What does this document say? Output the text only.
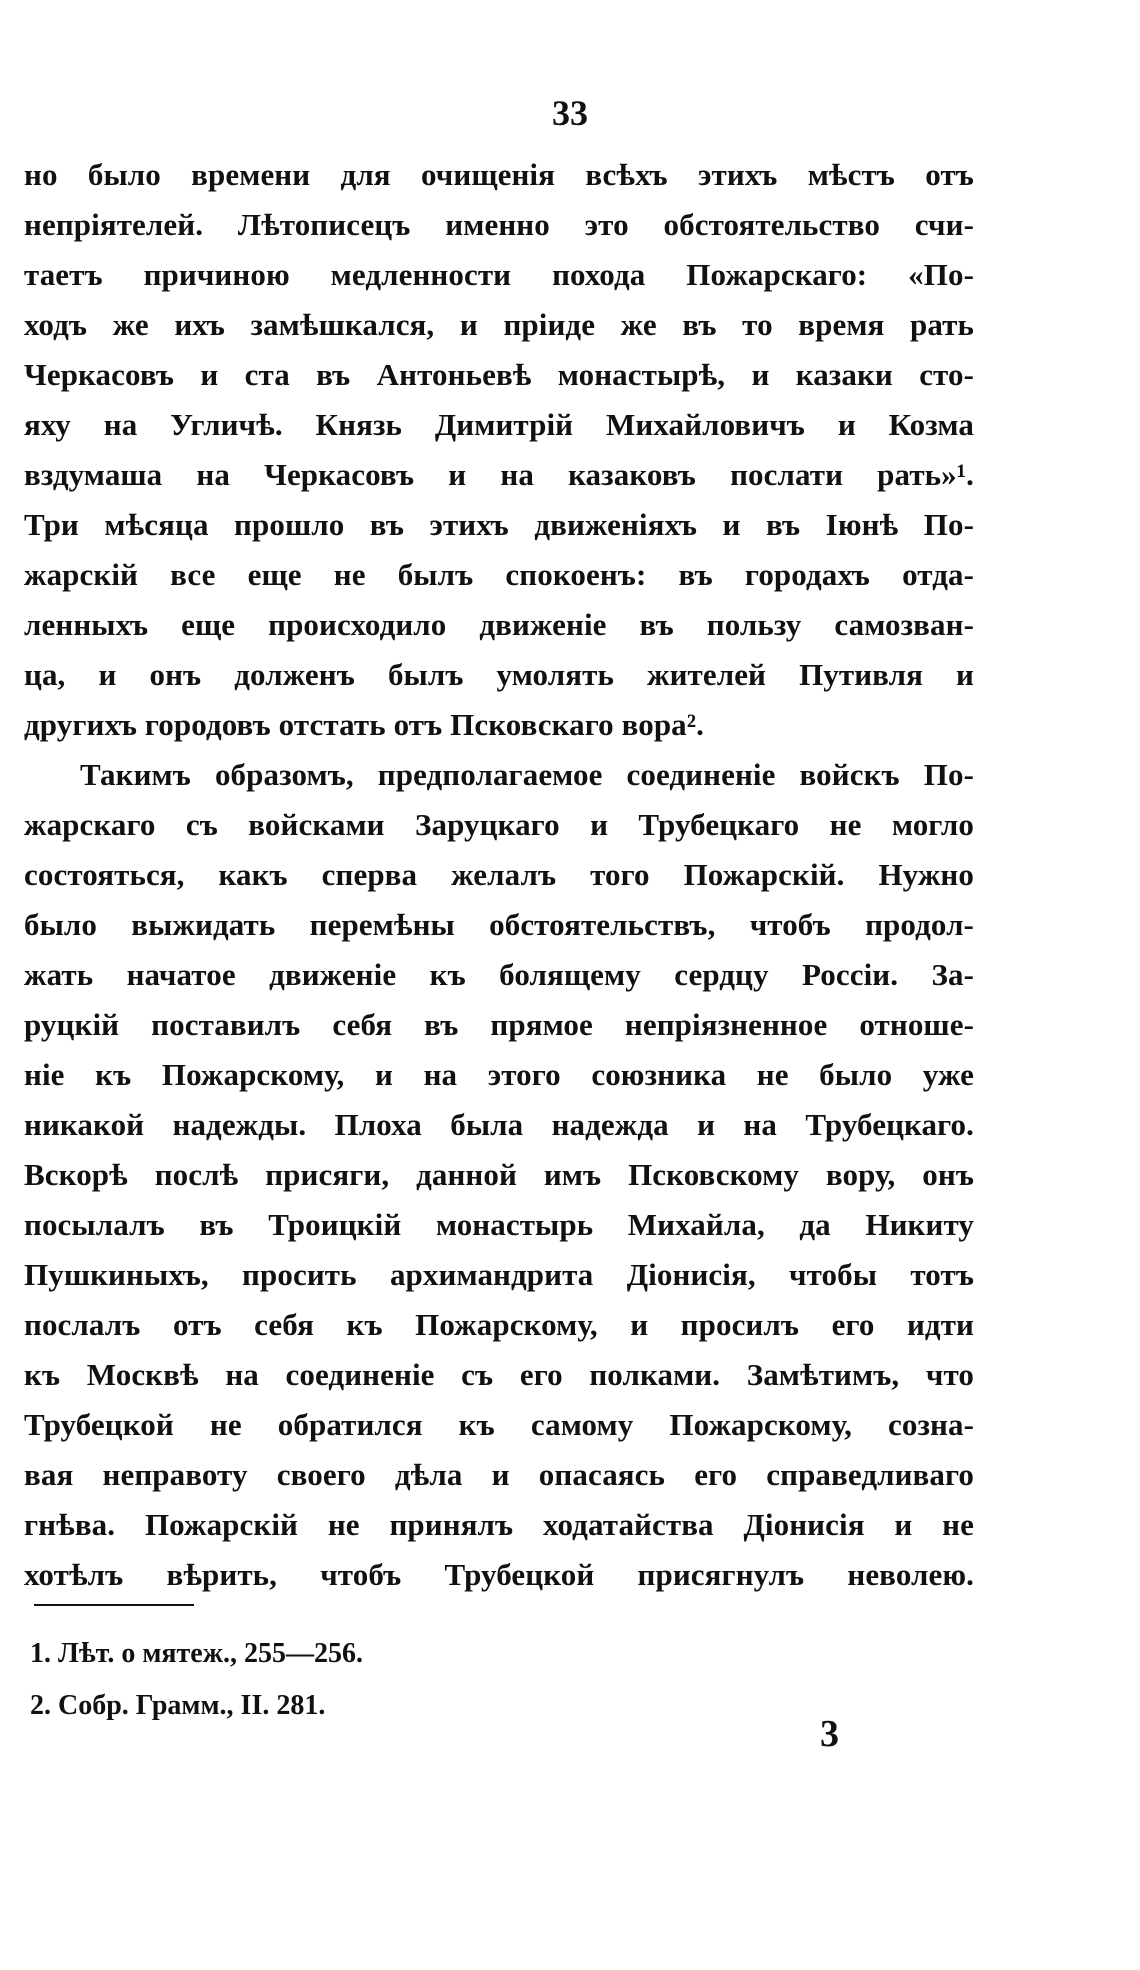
33
но было времени для очищенія всѣхъ этихъ мѣстъ отъ
непріятелей. Лѣтописецъ именно это обстоятельство счи-
таетъ причиною медленности похода Пожарскаго: «По-
ходъ же ихъ замѣшкался, и пріиде же въ то время рать
Черкасовъ и ста въ Антоньевѣ монастырѣ, и казаки сто-
яху на Угличѣ. Князь Димитрій Михайловичъ и Козма
вздумаша на Черкасовъ и на казаковъ послати рать»¹.
Три мѣсяца прошло въ этихъ движеніяхъ и въ Іюнѣ По-
жарскій все еще не былъ спокоенъ: въ городахъ отда-
ленныхъ еще происходило движеніе въ пользу самозван-
ца, и онъ долженъ былъ умолять жителей Путивля и
другихъ городовъ отстать отъ Псковскаго вора².
Такимъ образомъ, предполагаемое соединеніе войскъ По-
жарскаго съ войсками Заруцкаго и Трубецкаго не могло
состояться, какъ сперва желалъ того Пожарскій. Нужно
было выжидать перемѣны обстоятельствъ, чтобъ продол-
жать начатое движеніе къ болящему сердцу Россіи. За-
руцкій поставилъ себя въ прямое непріязненное отноше-
ніе къ Пожарскому, и на этого союзника не было уже
никакой надежды. Плоха была надежда и на Трубецкаго.
Вскорѣ послѣ присяги, данной имъ Псковскому вору, онъ
посылалъ въ Троицкій монастырь Михайла, да Никиту
Пушкиныхъ, просить архимандрита Діонисія, чтобы тотъ
послалъ отъ себя къ Пожарскому, и просилъ его идти
къ Москвѣ на соединеніе съ его полками. Замѣтимъ, что
Трубецкой не обратился къ самому Пожарскому, созна-
вая неправоту своего дѣла и опасаясь его справедливаго
гнѣва. Пожарскій не принялъ ходатайства Діонисія и не
хотѣлъ вѣрить, чтобъ Трубецкой присягнулъ неволею.
1. Лѣт. о мятеж., 255—256.
2. Собр. Грамм., II. 281.
3
